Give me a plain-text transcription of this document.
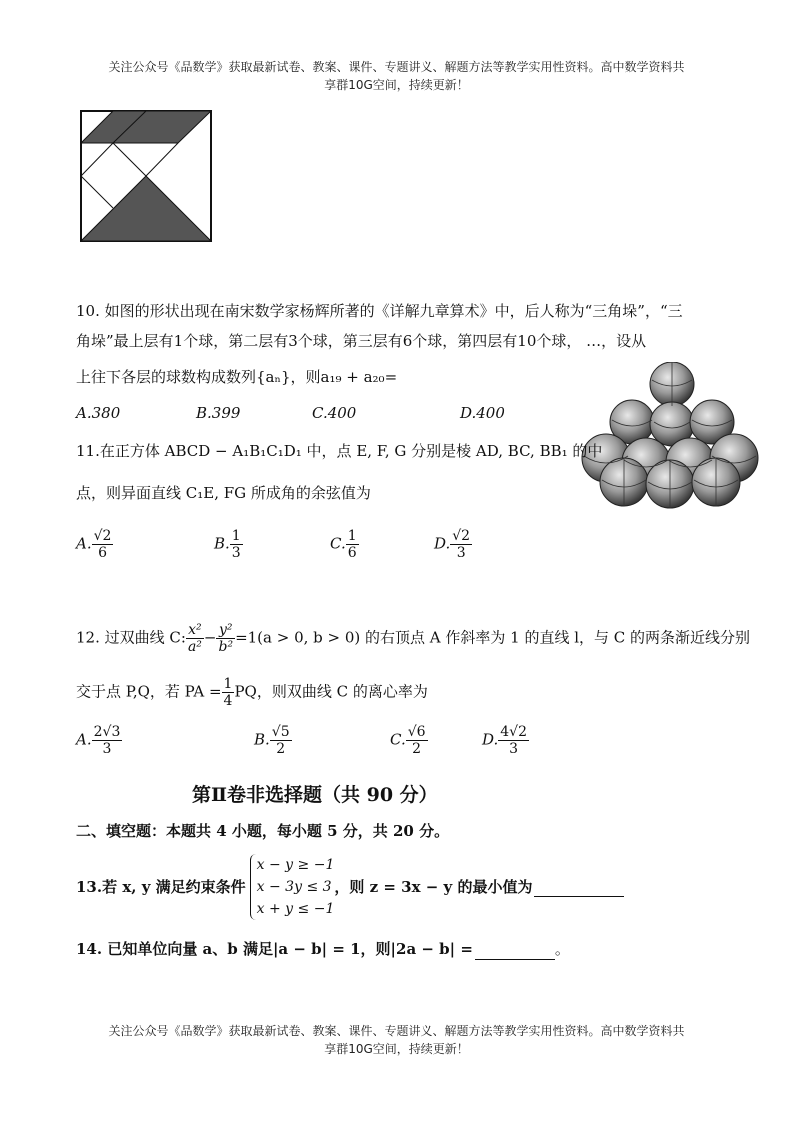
关注公众号《品数学》获取最新试卷、教案、课件、专题讲义、解题方法等教学实用性资料。高中数学资料共
享群10G空间，持续更新！
10. 如图的形状出现在南宋数学家杨辉所著的《详解九章算术》中，后人称为“三角垛”，“三
角垛”最上层有1个球，第二层有3个球，第三层有6个球，第四层有10个球， …，设从
上往下各层的球数构成数列{aₙ}，则a₁₉ + a₂₀=
A.380	B.399	C.400	D.400
11.在正方体 ABCD − A₁B₁C₁D₁ 中，点 E, F, G 分别是棱 AD, BC, BB₁ 的中
点，则异面直线 C₁E, FG 所成角的余弦值为
A. $\frac{√2}{6}$	B. $\frac{1}{3}$	C. $\frac{1}{6}$	D. $\frac{√2}{3}$
12. 过双曲线 C: $\frac{\text{x²}}{\text{a²}} - \frac{\text{y²}}{\text{b²}} =1(a > 0$, b > 0) 的右顶点 A 作斜率为 1 的直线 l，与 C 的两条渐近线分别
交于点 P,Q，若 PA = $\frac{1}{4}$ PQ，则双曲线 C 的离心率为
A. $\frac{2√3}{3}$	B. $\frac{√5}{2}$	C. $\frac{√6}{2}$	D. $\frac{4√2}{3}$
第Ⅱ卷非选择题（共 90 分）
二、填空题：本题共 4 小题，每小题 5 分，共 20 分。
13.若 x, y 满足约束条件
x − y ≥ −1
x − 3y ≤ 3
x + y ≤ −1
，则 z = 3x − y 的最小值为
14. 已知单位向量 a、b 满足|a − b| = 1，则|2a − b| =	。
关注公众号《品数学》获取最新试卷、教案、课件、专题讲义、解题方法等教学实用性资料。高中数学资料共
享群10G空间，持续更新！
